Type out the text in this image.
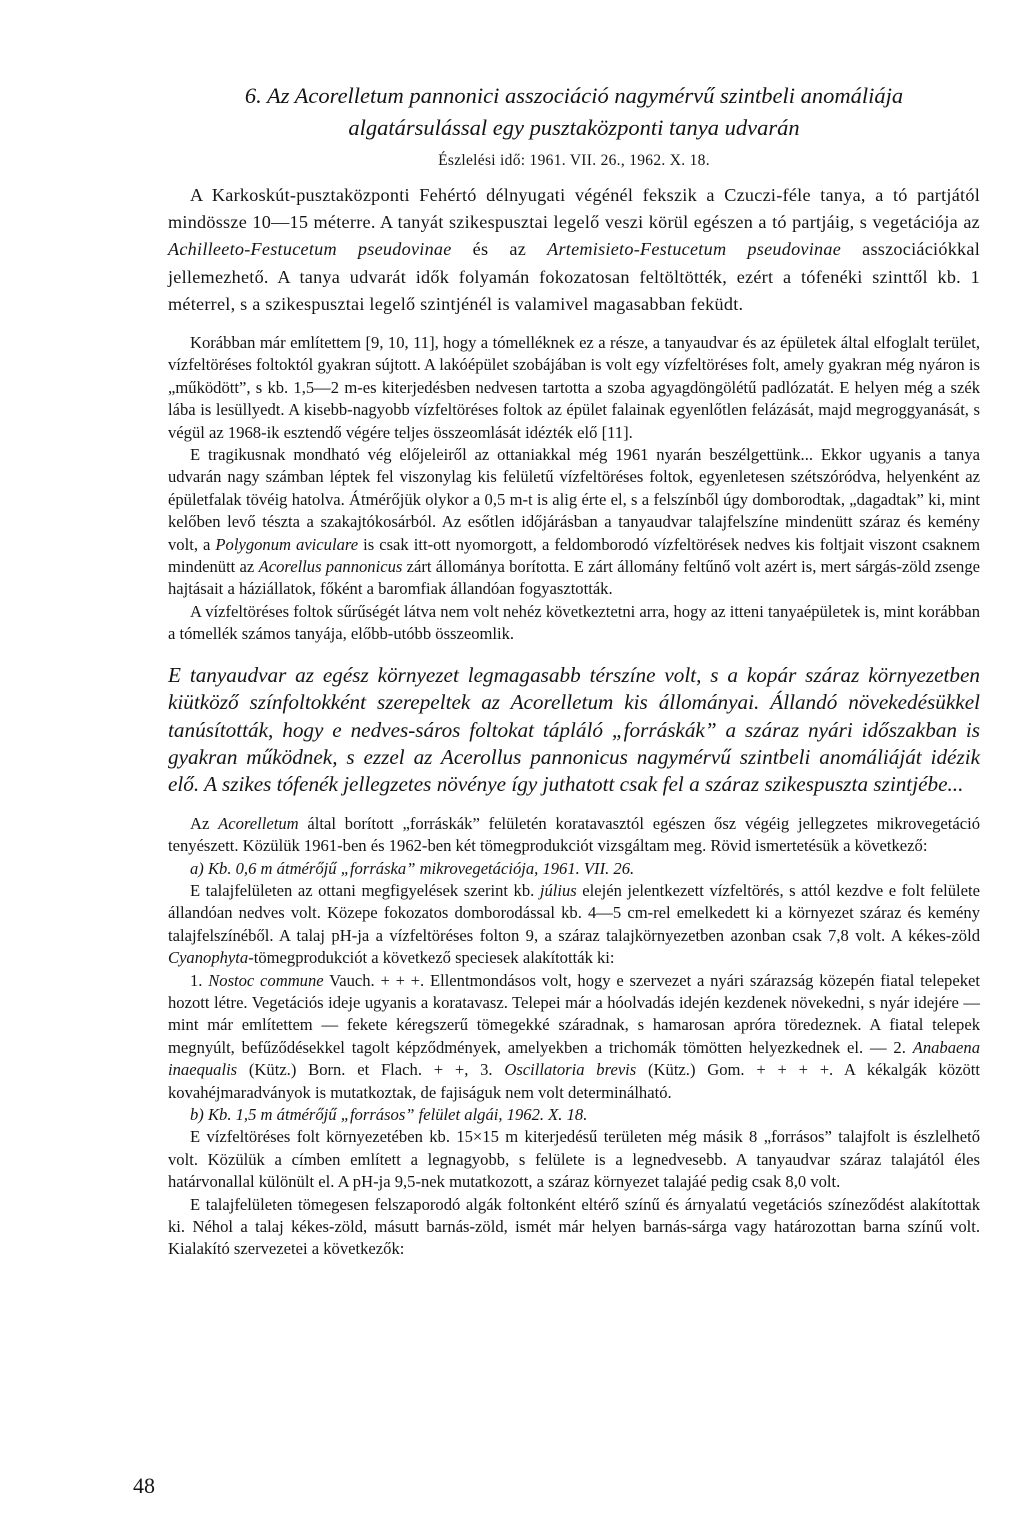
6. Az Acorelletum pannonici asszociáció nagymérvű szintbeli anomáliája
algatársulással egy pusztaközponti tanya udvarán
Észlelési idő: 1961. VII. 26., 1962. X. 18.

A Karkoskút-pusztaközponti Fehértó délnyugati végénél fekszik a Czuczi-féle tanya, a tó partjától mindössze 10—15 méterre. A tanyát szikespusztai legelő veszi körül egészen a tó partjáig, s vegetációja az Achilleeto-Festucetum pseudovinae és az Artemisieto-Festucetum pseudovinae asszociációkkal jellemezhető. A tanya udvarát idők folyamán fokozatosan feltöltötték, ezért a tófenéki szinttől kb. 1 méterrel, s a szikespusztai legelő szintjénél is valamivel magasabban feküdt.

Korábban már említettem [9, 10, 11], hogy a tómelléknek ez a része, a tanyaudvar és az épületek által elfoglalt terület, vízfeltöréses foltoktól gyakran sújtott. A lakóépület szobájában is volt egy vízfeltöréses folt, amely gyakran még nyáron is „működött”, s kb. 1,5—2 m-es kiterjedésben nedvesen tartotta a szoba agyagdöngölétű padlózatát. E helyen még a szék lába is lesüllyedt. A kisebb-nagyobb vízfeltöréses foltok az épület falainak egyenlőtlen felázását, majd megroggyanását, s végül az 1968-ik esztendő végére teljes összeomlását idézték elő [11].

E tragikusnak mondható vég előjeleiről az ottaniakkal még 1961 nyarán beszélgettünk... Ekkor ugyanis a tanya udvarán nagy számban léptek fel viszonylag kis felületű vízfeltöréses foltok, egyenletesen szétszóródva, helyenként az épületfalak tövéig hatolva. Átmérőjük olykor a 0,5 m-t is alig érte el, s a felszínből úgy domborodtak, „dagadtak” ki, mint kelőben levő tészta a szakajtókosárból. Az esőtlen időjárásban a tanyaudvar talajfelszíne mindenütt száraz és kemény volt, a Polygonum aviculare is csak itt-ott nyomorgott, a feldomborodó vízfeltörések nedves kis foltjait viszont csaknem mindenütt az Acorellus pannonicus zárt állománya borította. E zárt állomány feltűnő volt azért is, mert sárgás-zöld zsenge hajtásait a háziállatok, főként a baromfiak állandóan fogyasztották.

A vízfeltöréses foltok sűrűségét látva nem volt nehéz következtetni arra, hogy az itteni tanyaépületek is, mint korábban a tómellék számos tanyája, előbb-utóbb összeomlik.

E tanyaudvar az egész környezet legmagasabb térszíne volt, s a kopár száraz környezetben kiütköző színfoltokként szerepeltek az Acorelletum kis állományai. Állandó növekedésükkel tanúsították, hogy e nedves-sáros foltokat tápláló „forráskák” a száraz nyári időszakban is gyakran működnek, s ezzel az Acerollus pannonicus nagymérvű szintbeli anomáliáját idézik elő. A szikes tófenék jellegzetes növénye így juthatott csak fel a száraz szikespuszta szintjébe...

Az Acorelletum által borított „forráskák” felületén koratavasztól egészen ősz végéig jellegzetes mikrovegetáció tenyészett. Közülük 1961-ben és 1962-ben két tömegprodukciót vizsgáltam meg. Rövid ismertetésük a következő:

a) Kb. 0,6 m átmérőjű „forráska” mikrovegetációja, 1961. VII. 26.

E talajfelületen az ottani megfigyelések szerint kb. július elején jelentkezett vízfeltörés, s attól kezdve e folt felülete állandóan nedves volt. Közepe fokozatos domborodással kb. 4—5 cm-rel emelkedett ki a környezet száraz és kemény talajfelszínéből. A talaj pH-ja a vízfeltöréses folton 9, a száraz talajkörnyezetben azonban csak 7,8 volt. A kékes-zöld Cyanophyta-tömegprodukciót a következő speciesek alakították ki:

1. Nostoc commune Vauch. + + +. Ellentmondásos volt, hogy e szervezet a nyári szárazság közepén fiatal telepeket hozott létre. Vegetációs ideje ugyanis a koratavasz. Telepei már a hóolvadás idején kezdenek növekedni, s nyár idejére — mint már említettem — fekete kéregszerű tömegekké száradnak, s hamarosan apróra töredeznek. A fiatal telepek megnyúlt, befűződésekkel tagolt képződmények, amelyekben a trichomák tömötten helyezkednek el. — 2. Anabaena inaequalis (Kütz.) Born. et Flach. + +, 3. Oscillatoria brevis (Kütz.) Gom. + + + +. A kékalgák között kovahéjmaradványok is mutatkoztak, de fajiságuk nem volt determinálható.

b) Kb. 1,5 m átmérőjű „forrásos” felület algái, 1962. X. 18.

E vízfeltöréses folt környezetében kb. 15×15 m kiterjedésű területen még másik 8 „forrásos” talajfolt is észlelhető volt. Közülük a címben említett a legnagyobb, s felülete is a legnedvesebb. A tanyaudvar száraz talajától éles határvonallal különült el. A pH-ja 9,5-nek mutatkozott, a száraz környezet talajáé pedig csak 8,0 volt.

E talajfelületen tömegesen felszaporodó algák foltonként eltérő színű és árnyalatú vegetációs színeződést alakítottak ki. Néhol a talaj kékes-zöld, másutt barnás-zöld, ismét már helyen barnás-sárga vagy határozottan barna színű volt. Kialakító szervezetei a következők:

48
